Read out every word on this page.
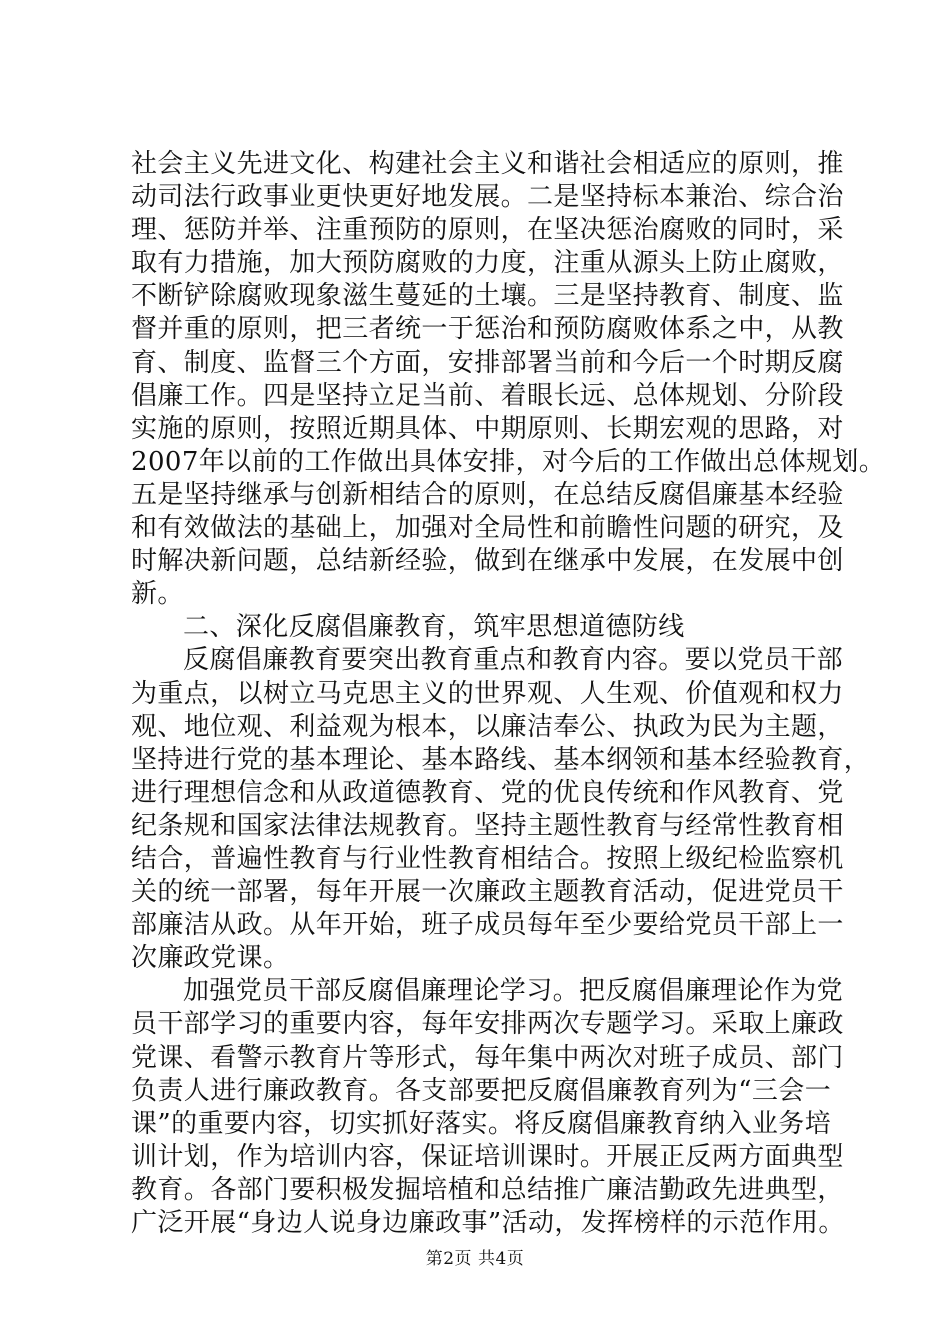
社会主义先进文化、构建社会主义和谐社会相适应的原则，推
动司法行政事业更快更好地发展。二是坚持标本兼治、综合治
理、惩防并举、注重预防的原则，在坚决惩治腐败的同时，采
取有力措施，加大预防腐败的力度，注重从源头上防止腐败，
不断铲除腐败现象滋生蔓延的土壤。三是坚持教育、制度、监
督并重的原则，把三者统一于惩治和预防腐败体系之中，从教
育、制度、监督三个方面，安排部署当前和今后一个时期反腐
倡廉工作。四是坚持立足当前、着眼长远、总体规划、分阶段
实施的原则，按照近期具体、中期原则、长期宏观的思路，对
2007年以前的工作做出具体安排，对今后的工作做出总体规划。
五是坚持继承与创新相结合的原则，在总结反腐倡廉基本经验
和有效做法的基础上，加强对全局性和前瞻性问题的研究，及
时解决新问题，总结新经验，做到在继承中发展，在发展中创
新。
二、深化反腐倡廉教育，筑牢思想道德防线
反腐倡廉教育要突出教育重点和教育内容。要以党员干部
为重点，以树立马克思主义的世界观、人生观、价值观和权力
观、地位观、利益观为根本，以廉洁奉公、执政为民为主题，
坚持进行党的基本理论、基本路线、基本纲领和基本经验教育，
进行理想信念和从政道德教育、党的优良传统和作风教育、党
纪条规和国家法律法规教育。坚持主题性教育与经常性教育相
结合，普遍性教育与行业性教育相结合。按照上级纪检监察机
关的统一部署，每年开展一次廉政主题教育活动，促进党员干
部廉洁从政。从年开始，班子成员每年至少要给党员干部上一
次廉政党课。
加强党员干部反腐倡廉理论学习。把反腐倡廉理论作为党
员干部学习的重要内容，每年安排两次专题学习。采取上廉政
党课、看警示教育片等形式，每年集中两次对班子成员、部门
负责人进行廉政教育。各支部要把反腐倡廉教育列为“三会一
课”的重要内容，切实抓好落实。将反腐倡廉教育纳入业务培
训计划，作为培训内容，保证培训课时。开展正反两方面典型
教育。各部门要积极发掘培植和总结推广廉洁勤政先进典型，
广泛开展“身边人说身边廉政事”活动，发挥榜样的示范作用。
第2页 共4页
